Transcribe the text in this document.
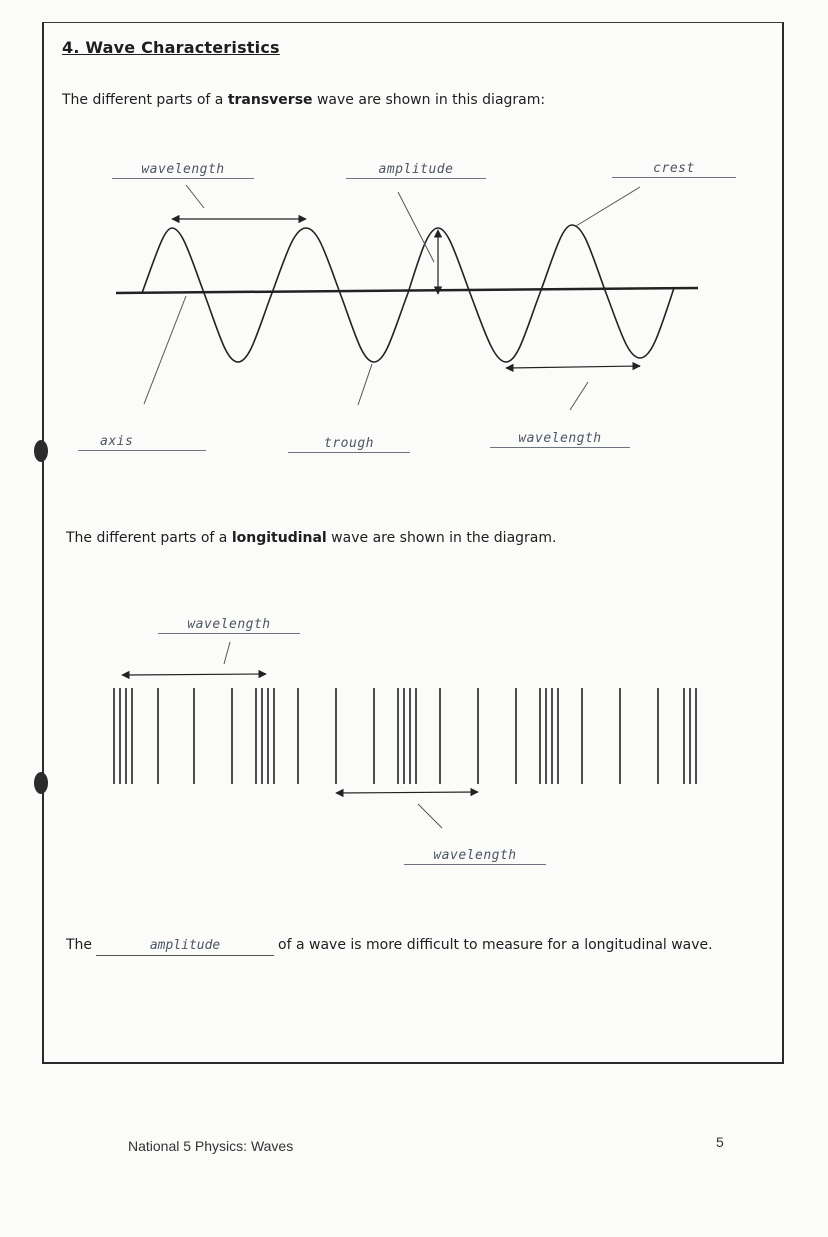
4. Wave Characteristics
The different parts of a transverse wave are shown in this diagram:
wavelength	amplitude	crest
axis	trough	wavelength
The different parts of a longitudinal wave are shown in the diagram.
wavelength
wavelength
The	amplitude	of a wave is more difficult to measure for a longitudinal wave.
National 5 Physics: Waves	5
